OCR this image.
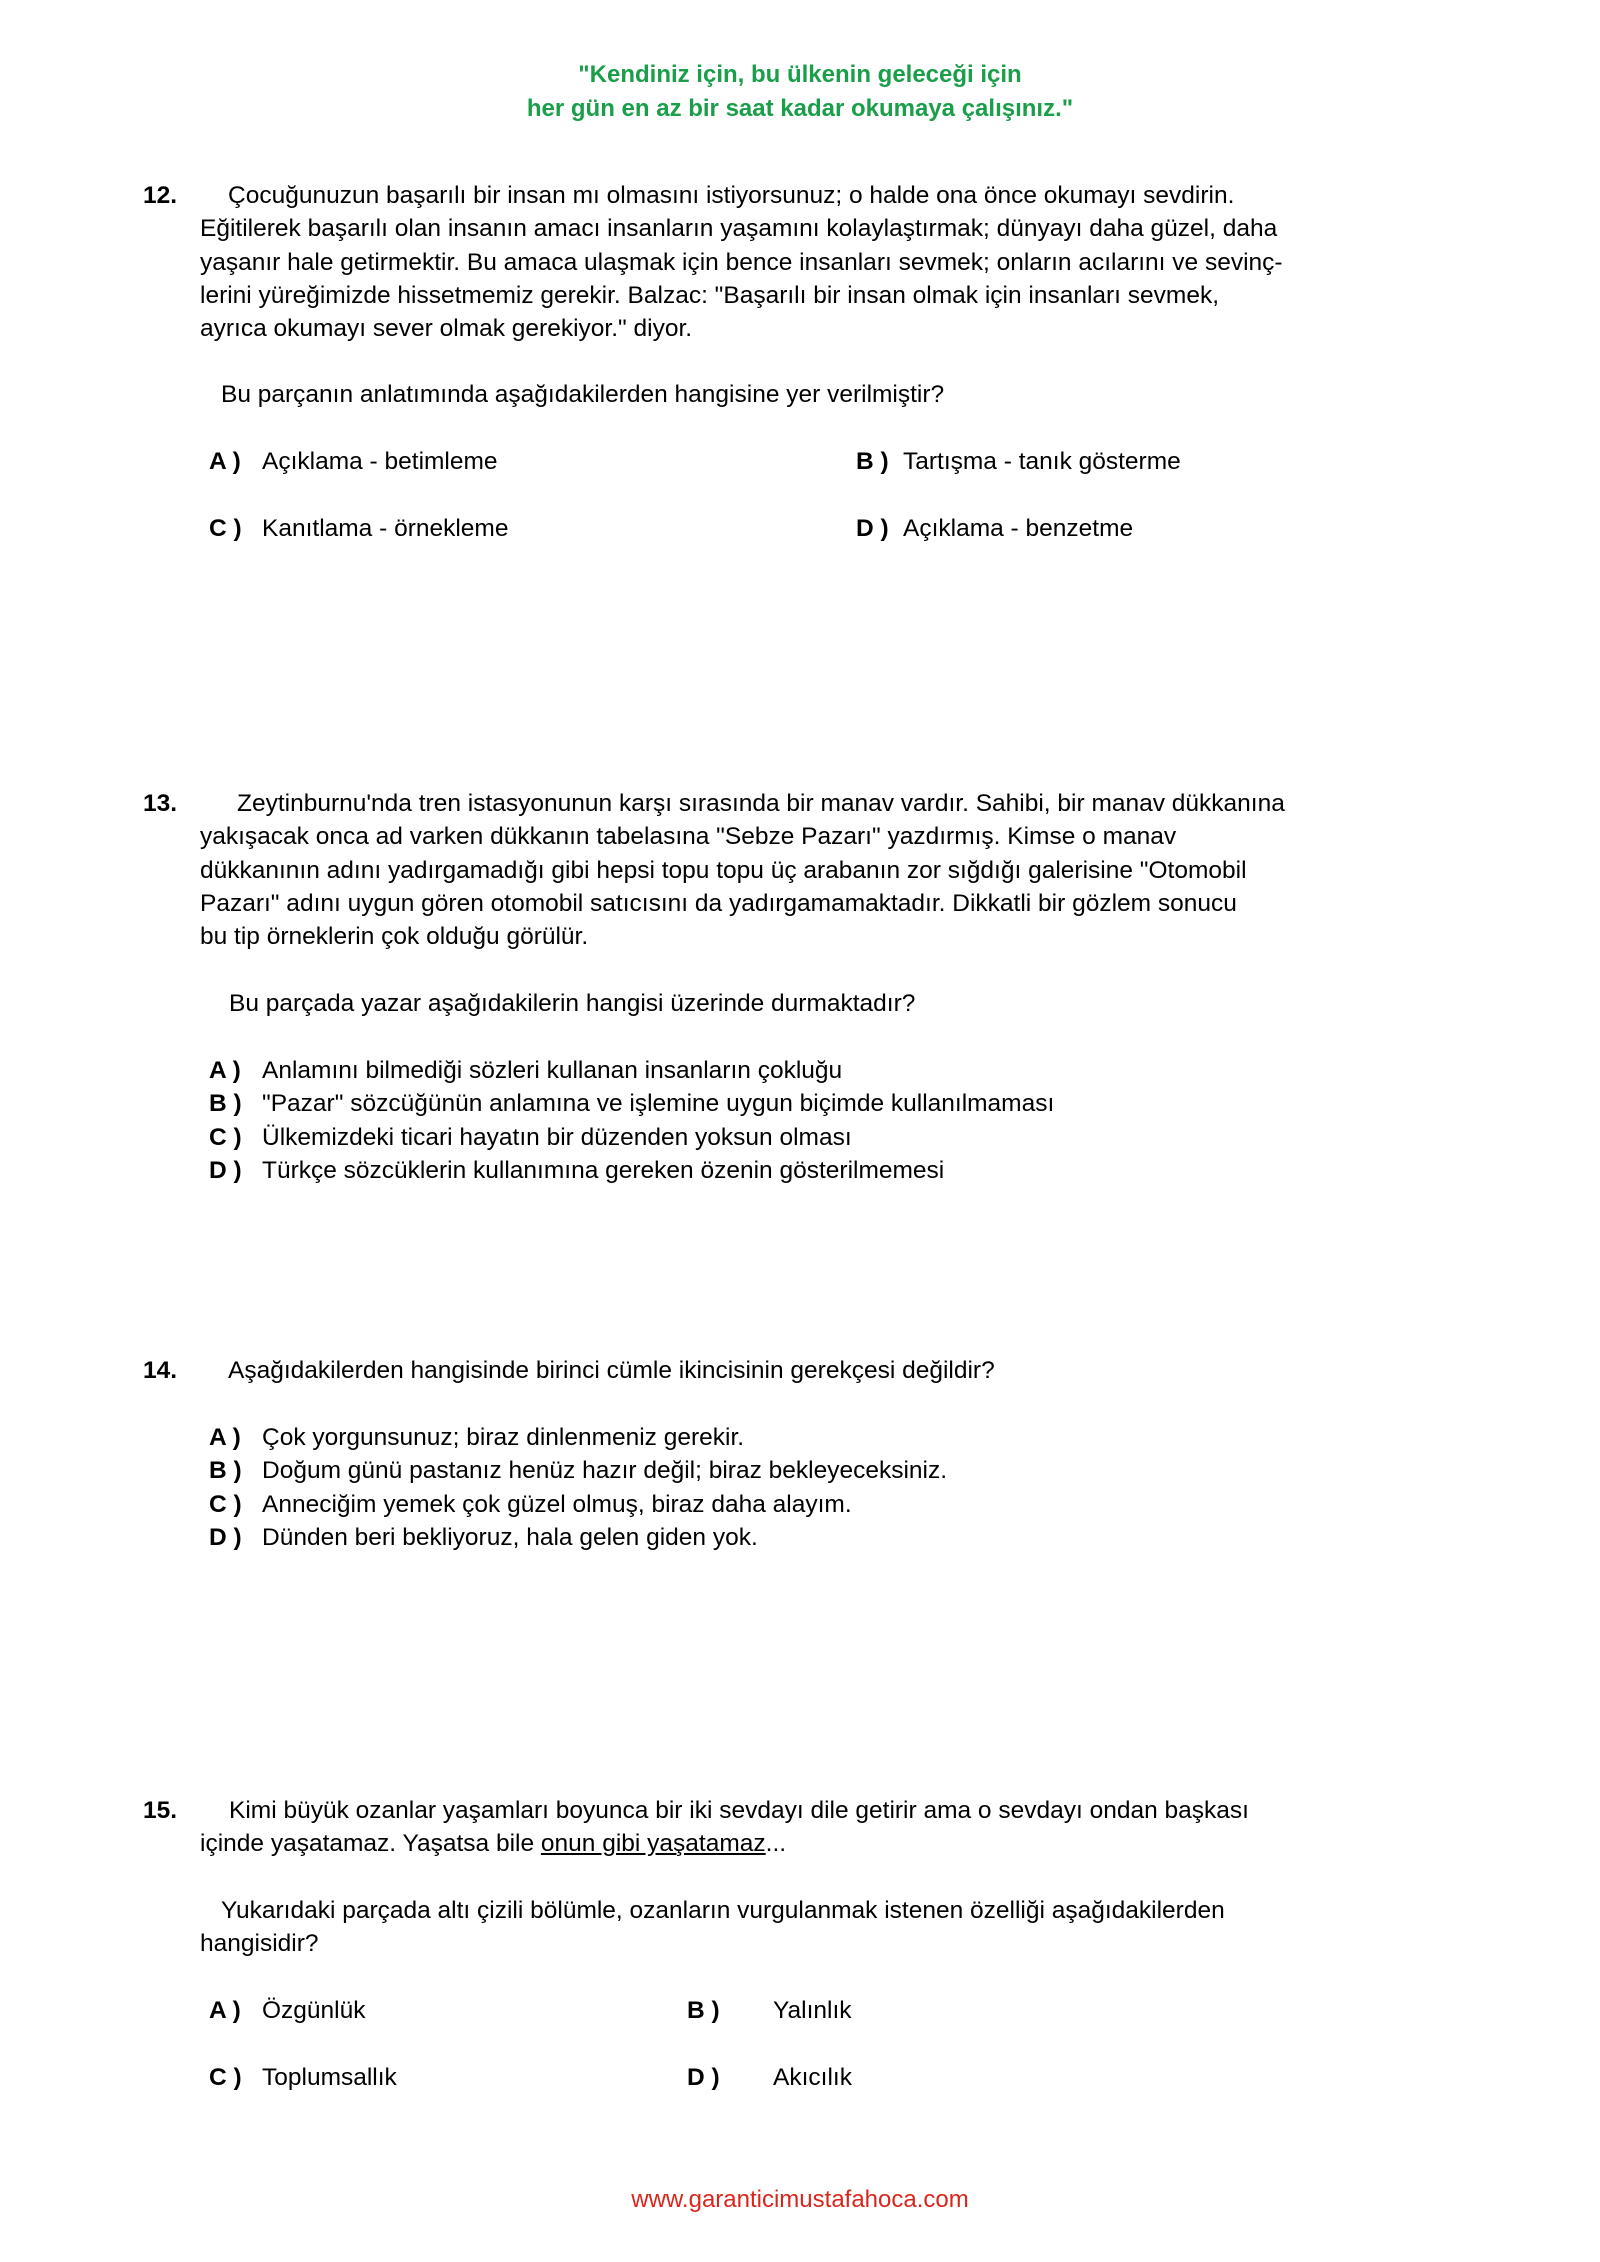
"Kendiniz için, bu ülkenin geleceği için
her gün en az bir saat kadar okumaya çalışınız."
12. Çocuğunuzun başarılı bir insan mı olmasını istiyorsunuz; o halde ona önce okumayı sevdirin.
Eğitilerek başarılı olan insanın amacı insanların yaşamını kolaylaştırmak; dünyayı daha güzel, daha
yaşanır hale getirmektir. Bu amaca ulaşmak için bence insanları sevmek; onların acılarını ve sevinç-
lerini yüreğimizde hissetmemiz gerekir. Balzac: "Başarılı bir insan olmak için insanları sevmek,
ayrıca okumayı sever olmak gerekiyor." diyor.
Bu parçanın anlatımında aşağıdakilerden hangisine yer verilmiştir?
A ) Açıklama - betimleme	B ) Tartışma - tanık gösterme
C ) Kanıtlama - örnekleme	D ) Açıklama - benzetme
13. Zeytinburnu'nda tren istasyonunun karşı sırasında bir manav vardır. Sahibi, bir manav dükkanına
yakışacak onca ad varken dükkanın tabelasına "Sebze Pazarı" yazdırmış. Kimse o manav
dükkanının adını yadırgamadığı gibi hepsi topu topu üç arabanın zor sığdığı galerisine "Otomobil
Pazarı" adını uygun gören otomobil satıcısını da yadırgamamaktadır. Dikkatli bir gözlem sonucu
bu tip örneklerin çok olduğu görülür.
Bu parçada yazar aşağıdakilerin hangisi üzerinde durmaktadır?
A ) Anlamını bilmediği sözleri kullanan insanların çokluğu
B ) "Pazar" sözcüğünün anlamına ve işlemine uygun biçimde kullanılmaması
C ) Ülkemizdeki ticari hayatın bir düzenden yoksun olması
D ) Türkçe sözcüklerin kullanımına gereken özenin gösterilmemesi
14. Aşağıdakilerden hangisinde birinci cümle ikincisinin gerekçesi değildir?
A ) Çok yorgunsunuz; biraz dinlenmeniz gerekir.
B ) Doğum günü pastanız henüz hazır değil; biraz bekleyeceksiniz.
C ) Anneciğim yemek çok güzel olmuş, biraz daha alayım.
D ) Dünden beri bekliyoruz, hala gelen giden yok.
15. Kimi büyük ozanlar yaşamları boyunca bir iki sevdayı dile getirir ama o sevdayı ondan başkası
içinde yaşatamaz. Yaşatsa bile onun gibi yaşatamaz...
Yukarıdaki parçada altı çizili bölümle, ozanların vurgulanmak istenen özelliği aşağıdakilerden
hangisidir?
A ) Özgünlük	B ) Yalınlık
C ) Toplumsallık	D ) Akıcılık
www.garanticimustafahoca.com
